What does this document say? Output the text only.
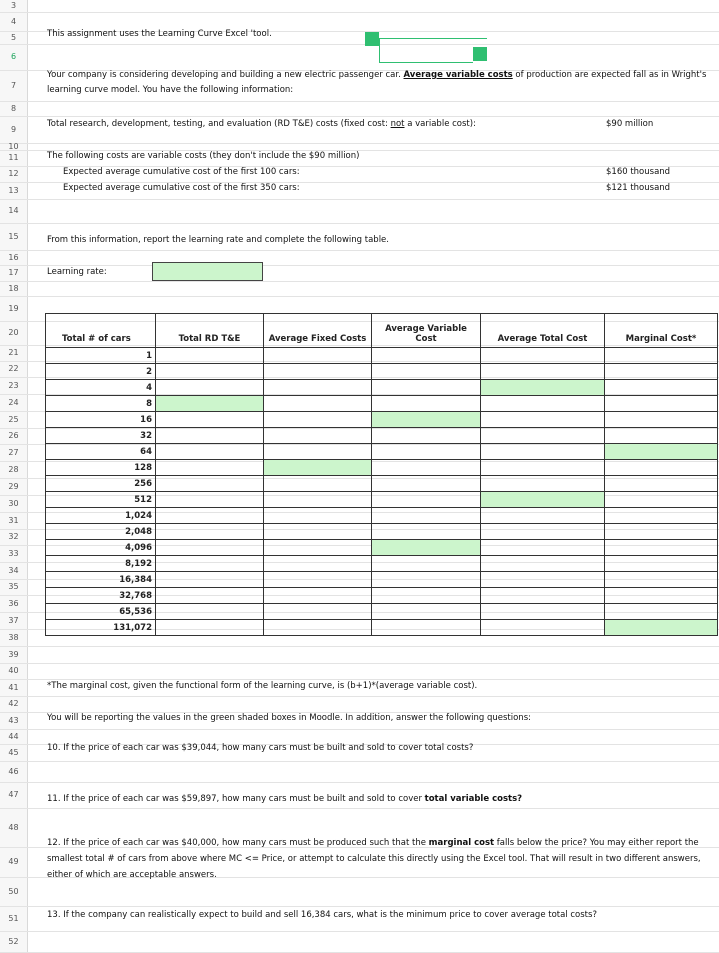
3
4
5
6
7
8
9
10
11
12
13
14
15
16
17
18
19
20
21
22
23
24
25
26
27
28
29
30
31
32
33
34
35
36
37
38
39
40
41
42
43
44
45
46
47
48
49
50
51
52
This assignment uses the Learning Curve Excel 'tool.
Your company is considering developing and building a new electric passenger car. Average variable costs of production are expected fall as in Wright's learning curve model. You have the following information:
Total research, development, testing, and evaluation (RD T&E) costs (fixed cost: not a variable cost):	$90 million
The following costs are variable costs (they don't include the $90 million)
Expected average cumulative cost of the first 100 cars:	$160 thousand
Expected average cumulative cost of the first 350 cars:	$121 thousand
From this information, report the learning rate and complete the following table.
Learning rate:
Total # of cars	Total RD T&E	Average Fixed Costs	Average Variable Cost	Average Total Cost	Marginal Cost*
1					
2					
4					
8					
16					
32					
64					
128					
256					
512					
1,024					
2,048					
4,096					
8,192					
16,384					
32,768					
65,536					
131,072					
*The marginal cost, given the functional form of the learning curve, is (b+1)*(average variable cost).
You will be reporting the values in the green shaded boxes in Moodle. In addition, answer the following questions:
10. If the price of each car was $39,044, how many cars must be built and sold to cover total costs?
11. If the price of each car was $59,897, how many cars must be built and sold to cover total variable costs?
12. If the price of each car was $40,000, how many cars must be produced such that the marginal cost falls below the price? You may either report the smallest total # of cars from above where MC <= Price, or attempt to calculate this directly using the Excel tool. That will result in two different answers, either of which are acceptable answers.
13. If the company can realistically expect to build and sell 16,384 cars, what is the minimum price to cover average total costs?
